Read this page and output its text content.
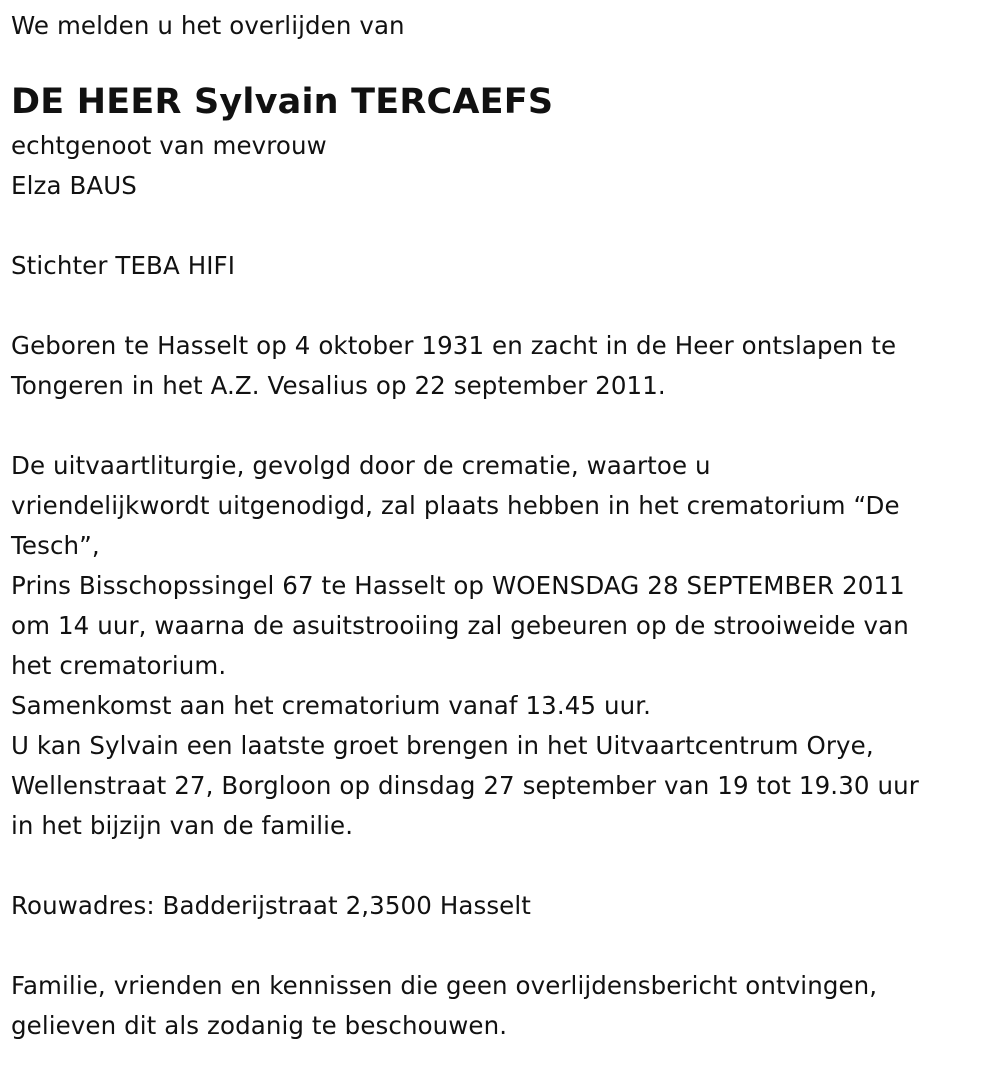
We melden u het overlijden van
DE HEER Sylvain TERCAEFS
echtgenoot van mevrouw
Elza BAUS
Stichter TEBA HIFI
Geboren te Hasselt op 4 oktober 1931 en zacht in de Heer ontslapen te
Tongeren in het A.Z. Vesalius op 22 september 2011.
De uitvaartliturgie, gevolgd door de crematie, waartoe u
vriendelijkwordt uitgenodigd, zal plaats hebben in het crematorium “De
Tesch”,
Prins Bisschopssingel 67 te Hasselt op WOENSDAG 28 SEPTEMBER 2011
om 14 uur, waarna de asuitstrooiing zal gebeuren op de strooiweide van
het crematorium.
Samenkomst aan het crematorium vanaf 13.45 uur.
U kan Sylvain een laatste groet brengen in het Uitvaartcentrum Orye,
Wellenstraat 27, Borgloon op dinsdag 27 september van 19 tot 19.30 uur
in het bijzijn van de familie.
Rouwadres: Badderijstraat 2,3500 Hasselt
Familie, vrienden en kennissen die geen overlijdensbericht ontvingen,
gelieven dit als zodanig te beschouwen.
